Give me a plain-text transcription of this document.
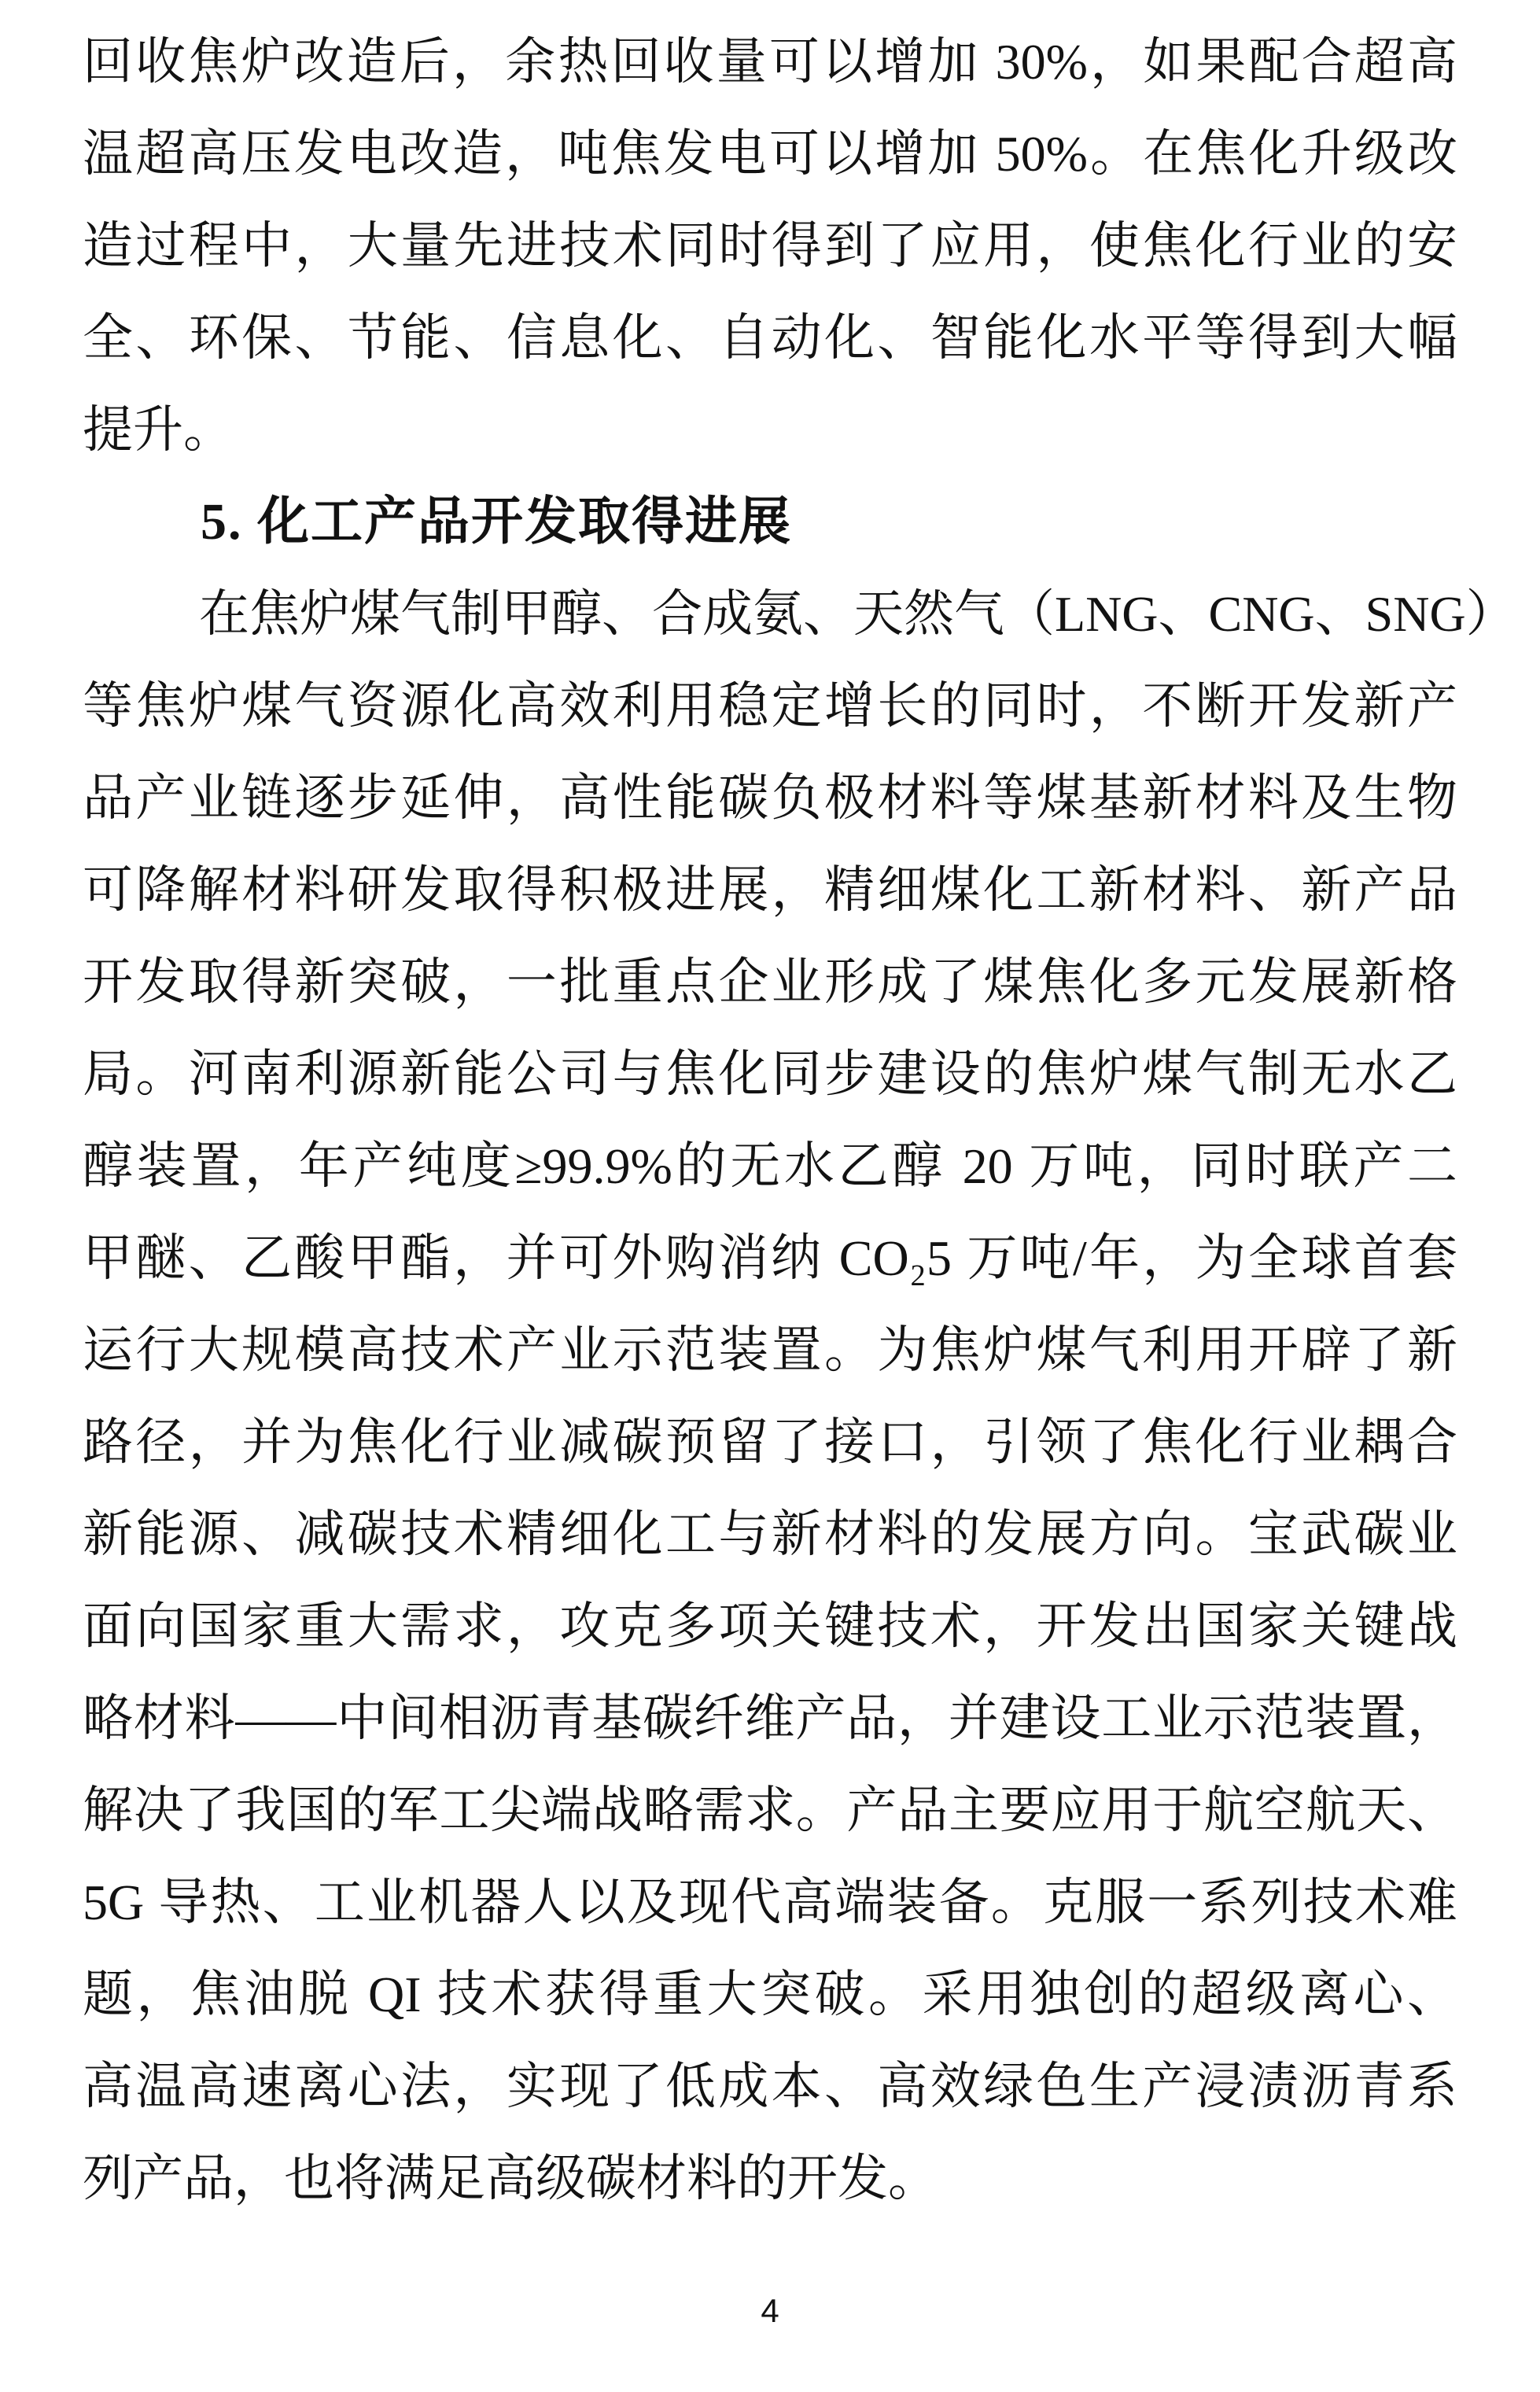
回收焦炉改造后，余热回收量可以增加 30%，如果配合超高
温超高压发电改造，吨焦发电可以增加 50%。在焦化升级改
造过程中，大量先进技术同时得到了应用，使焦化行业的安
全、环保、节能、信息化、自动化、智能化水平等得到大幅
提升。
5. 化工产品开发取得进展
在焦炉煤气制甲醇、合成氨、天然气（LNG、CNG、SNG）
等焦炉煤气资源化高效利用稳定增长的同时，不断开发新产
品产业链逐步延伸，高性能碳负极材料等煤基新材料及生物
可降解材料研发取得积极进展，精细煤化工新材料、新产品
开发取得新突破，一批重点企业形成了煤焦化多元发展新格
局。河南利源新能公司与焦化同步建设的焦炉煤气制无水乙
醇装置，年产纯度≥99.9%的无水乙醇 20 万吨，同时联产二
甲醚、乙酸甲酯，并可外购消纳 CO₂5 万吨/年，为全球首套
运行大规模高技术产业示范装置。为焦炉煤气利用开辟了新
路径，并为焦化行业减碳预留了接口，引领了焦化行业耦合
新能源、减碳技术精细化工与新材料的发展方向。宝武碳业
面向国家重大需求，攻克多项关键技术，开发出国家关键战
略材料——中间相沥青基碳纤维产品，并建设工业示范装置，
解决了我国的军工尖端战略需求。产品主要应用于航空航天、
5G 导热、工业机器人以及现代高端装备。克服一系列技术难
题，焦油脱 QI 技术获得重大突破。采用独创的超级离心、
高温高速离心法，实现了低成本、高效绿色生产浸渍沥青系
列产品，也将满足高级碳材料的开发。
4
